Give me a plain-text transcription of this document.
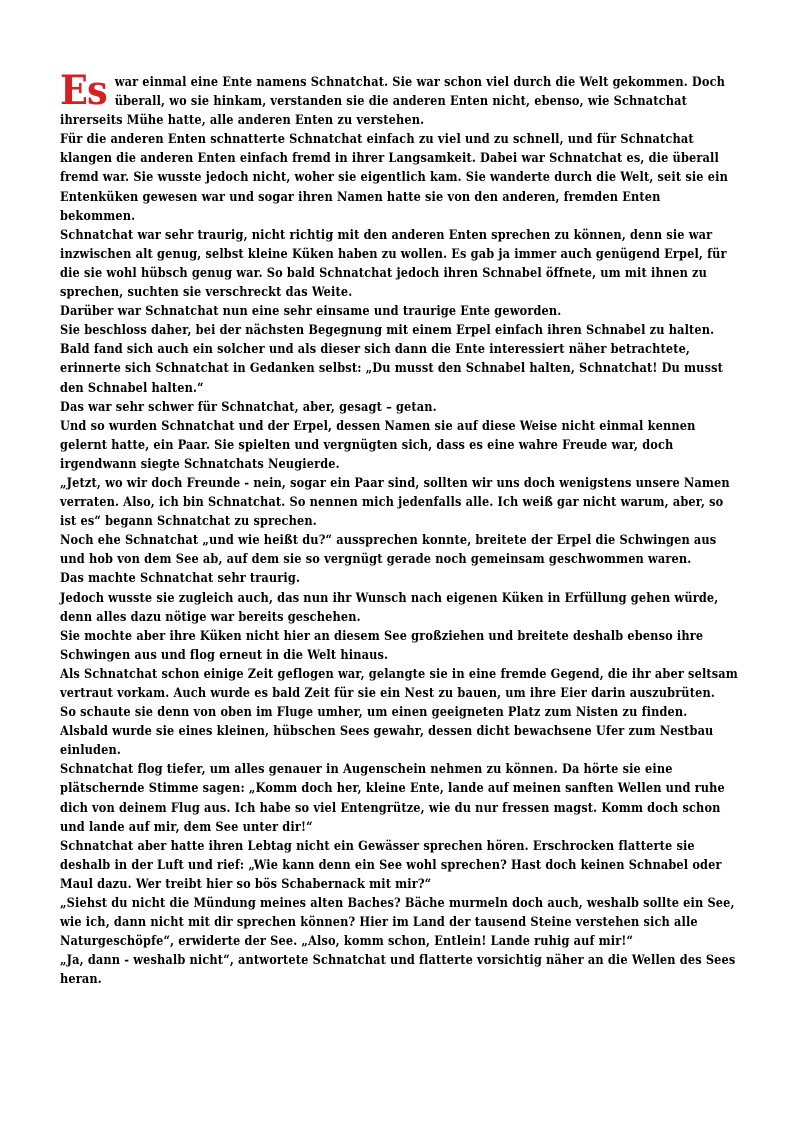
Es war einmal eine Ente namens Schnatchat. Sie war schon viel durch die Welt gekommen. Doch überall, wo sie hinkam, verstanden sie die anderen Enten nicht, ebenso, wie Schnatchat ihrerseits Mühe hatte, alle anderen Enten zu verstehen.

Für die anderen Enten schnatterte Schnatchat einfach zu viel und zu schnell, und für Schnatchat klangen die anderen Enten einfach fremd in ihrer Langsamkeit. Dabei war Schnatchat es, die überall fremd war. Sie wusste jedoch nicht, woher sie eigentlich kam. Sie wanderte durch die Welt, seit sie ein Entenküken gewesen war und sogar ihren Namen hatte sie von den anderen, fremden Enten bekommen.

Schnatchat war sehr traurig, nicht richtig mit den anderen Enten sprechen zu können, denn sie war inzwischen alt genug, selbst kleine Küken haben zu wollen. Es gab ja immer auch genügend Erpel, für die sie wohl hübsch genug war. So bald Schnatchat jedoch ihren Schnabel öffnete, um mit ihnen zu sprechen, suchten sie verschreckt das Weite.

Darüber war Schnatchat nun eine sehr einsame und traurige Ente geworden.

Sie beschloss daher, bei der nächsten Begegnung mit einem Erpel einfach ihren Schnabel zu halten.

Bald fand sich auch ein solcher und als dieser sich dann die Ente interessiert näher betrachtete, erinnerte sich Schnatchat in Gedanken selbst: „Du musst den Schnabel halten, Schnatchat! Du musst den Schnabel halten.“

Das war sehr schwer für Schnatchat, aber, gesagt – getan.

Und so wurden Schnatchat und der Erpel, dessen Namen sie auf diese Weise nicht einmal kennen gelernt hatte, ein Paar. Sie spielten und vergnügten sich, dass es eine wahre Freude war, doch irgendwann siegte Schnatchats Neugierde.

„Jetzt, wo wir doch Freunde - nein, sogar ein Paar sind, sollten wir uns doch wenigstens unsere Namen verraten. Also, ich bin Schnatchat. So nennen mich jedenfalls alle. Ich weiß gar nicht warum, aber, so ist es“ begann Schnatchat zu sprechen.

Noch ehe Schnatchat „und wie heißt du?“ aussprechen konnte, breitete der Erpel die Schwingen aus und hob von dem See ab, auf dem sie so vergnügt gerade noch gemeinsam geschwommen waren.

Das machte Schnatchat sehr traurig.

Jedoch wusste sie zugleich auch, das nun ihr Wunsch nach eigenen Küken in Erfüllung gehen würde, denn alles dazu nötige war bereits geschehen.

Sie mochte aber ihre Küken nicht hier an diesem See großziehen und breitete deshalb ebenso ihre Schwingen aus und flog erneut in die Welt hinaus.

Als Schnatchat schon einige Zeit geflogen war, gelangte sie in eine fremde Gegend, die ihr aber seltsam vertraut vorkam. Auch wurde es bald Zeit für sie ein Nest zu bauen, um ihre Eier darin auszubrüten.

So schaute sie denn von oben im Fluge umher, um einen geeigneten Platz zum Nisten zu finden. Alsbald wurde sie eines kleinen, hübschen Sees gewahr, dessen dicht bewachsene Ufer zum Nestbau einluden.

Schnatchat flog tiefer, um alles genauer in Augenschein nehmen zu können. Da hörte sie eine plätschernde Stimme sagen: „Komm doch her, kleine Ente, lande auf meinen sanften Wellen und ruhe dich von deinem Flug aus. Ich habe so viel Entengrütze, wie du nur fressen magst. Komm doch schon und lande auf mir, dem See unter dir!“

Schnatchat aber hatte ihren Lebtag nicht ein Gewässer sprechen hören. Erschrocken flatterte sie deshalb in der Luft und rief: „Wie kann denn ein See wohl sprechen? Hast doch keinen Schnabel oder Maul dazu. Wer treibt hier so bös Schabernack mit mir?“

„Siehst du nicht die Mündung meines alten Baches? Bäche murmeln doch auch, weshalb sollte ein See, wie ich, dann nicht mit dir sprechen können? Hier im Land der tausend Steine verstehen sich alle Naturgeschöpfe“, erwiderte der See. „Also, komm schon, Entlein! Lande ruhig auf mir!“

„Ja, dann - weshalb nicht“, antwortete Schnatchat und flatterte vorsichtig näher an die Wellen des Sees heran.
